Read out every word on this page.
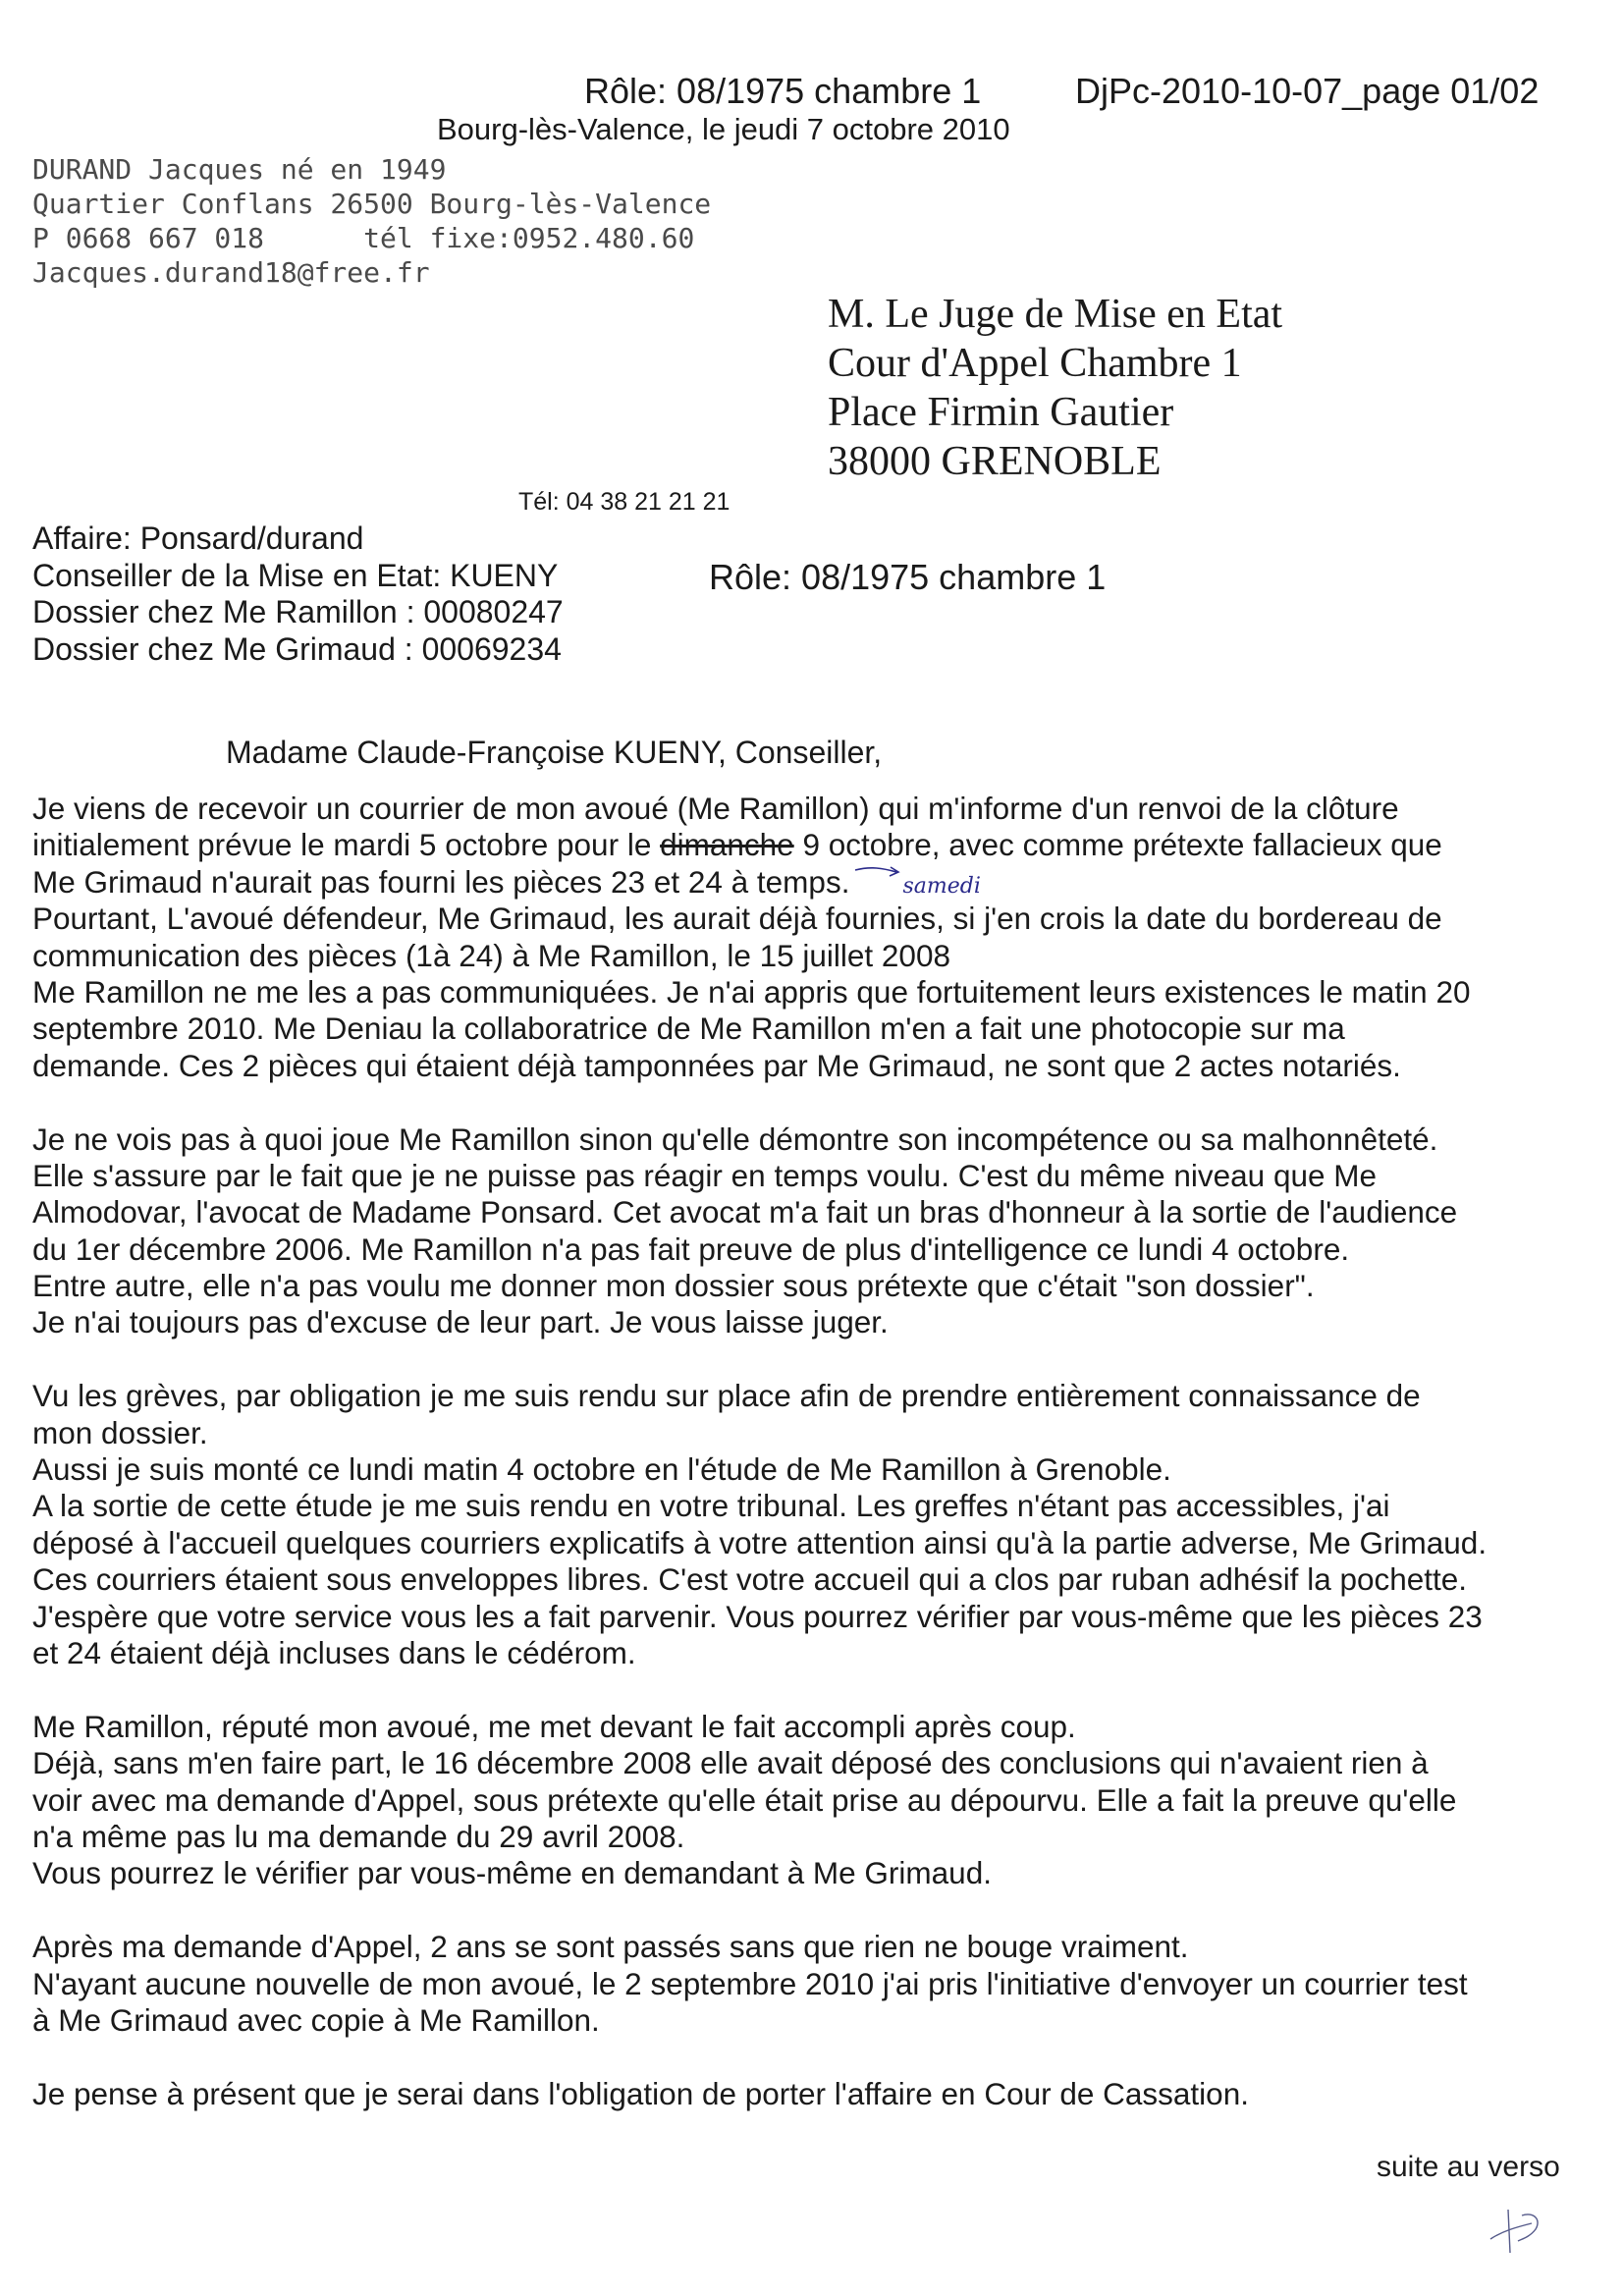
Rôle: 08/1975 chambre 1	DjPc-2010-10-07_page 01/02
Bourg-lès-Valence, le jeudi 7 octobre 2010
DURAND Jacques né en 1949
Quartier Conflans 26500 Bourg-lès-Valence
P 0668 667 018      tél fixe:0952.480.60
Jacques.durand18@free.fr
M. Le Juge de Mise en Etat
Cour d'Appel Chambre 1
Place Firmin Gautier
38000 GRENOBLE
Tél: 04 38 21 21 21
Affaire: Ponsard/durand
Conseiller de la Mise en Etat: KUENY
Dossier chez Me Ramillon : 00080247
Dossier chez Me Grimaud : 00069234
Rôle: 08/1975 chambre 1
Madame Claude-Françoise KUENY, Conseiller,
Je viens de recevoir un courrier de mon avoué (Me Ramillon) qui m'informe d'un renvoi de la clôture
initialement prévue le mardi 5 octobre pour le dimanche 9 octobre, avec comme prétexte fallacieux que
Me Grimaud n'aurait pas fourni les pièces 23 et 24 à temps. samedi
Pourtant, L'avoué défendeur, Me Grimaud, les aurait déjà fournies, si j'en crois la date du bordereau de
communication des pièces (1à 24) à Me Ramillon, le 15 juillet 2008
Me Ramillon ne me les a pas communiquées. Je n'ai appris que fortuitement leurs existences le matin 20
septembre 2010. Me Deniau la collaboratrice de Me Ramillon m'en a fait une photocopie sur ma
demande. Ces 2 pièces qui étaient déjà tamponnées par Me Grimaud, ne sont que 2 actes notariés.
Je ne vois pas à quoi joue Me Ramillon sinon qu'elle démontre son incompétence ou sa malhonnêteté.
Elle s'assure par le fait que je ne puisse pas réagir en temps voulu. C'est du même niveau que Me
Almodovar, l'avocat de Madame Ponsard. Cet avocat m'a fait un bras d'honneur à la sortie de l'audience
du 1er décembre 2006. Me Ramillon n'a pas fait preuve de plus d'intelligence ce lundi 4 octobre.
Entre autre, elle n'a pas voulu me donner mon dossier sous prétexte que c'était "son dossier".
Je n'ai toujours pas d'excuse de leur part. Je vous laisse juger.
Vu les grèves, par obligation je me suis rendu sur place afin de prendre entièrement connaissance de
mon dossier.
Aussi je suis monté ce lundi matin 4 octobre en l'étude de Me Ramillon à Grenoble.
A la sortie de cette étude je me suis rendu en votre tribunal. Les greffes n'étant pas accessibles, j'ai
déposé à l'accueil quelques courriers explicatifs à votre attention ainsi qu'à la partie adverse, Me Grimaud.
Ces courriers étaient sous enveloppes libres. C'est votre accueil qui a clos par ruban adhésif la pochette.
J'espère que votre service vous les a fait parvenir. Vous pourrez vérifier par vous-même que les pièces 23
et 24 étaient déjà incluses dans le cédérom.
Me Ramillon, réputé mon avoué, me met devant le fait accompli après coup.
Déjà, sans m'en faire part, le 16 décembre 2008 elle avait déposé des conclusions qui n'avaient rien à
voir avec ma demande d'Appel, sous prétexte qu'elle était prise au dépourvu. Elle a fait la preuve qu'elle
n'a même pas lu ma demande du 29 avril 2008.
Vous pourrez le vérifier par vous-même en demandant à Me Grimaud.
Après ma demande d'Appel, 2 ans se sont passés sans que rien ne bouge vraiment.
N'ayant aucune nouvelle de mon avoué, le 2 septembre 2010 j'ai pris l'initiative d'envoyer un courrier test
à Me Grimaud avec copie à Me Ramillon.
Je pense à présent que je serai dans l'obligation de porter l'affaire en Cour de Cassation.
suite au verso
